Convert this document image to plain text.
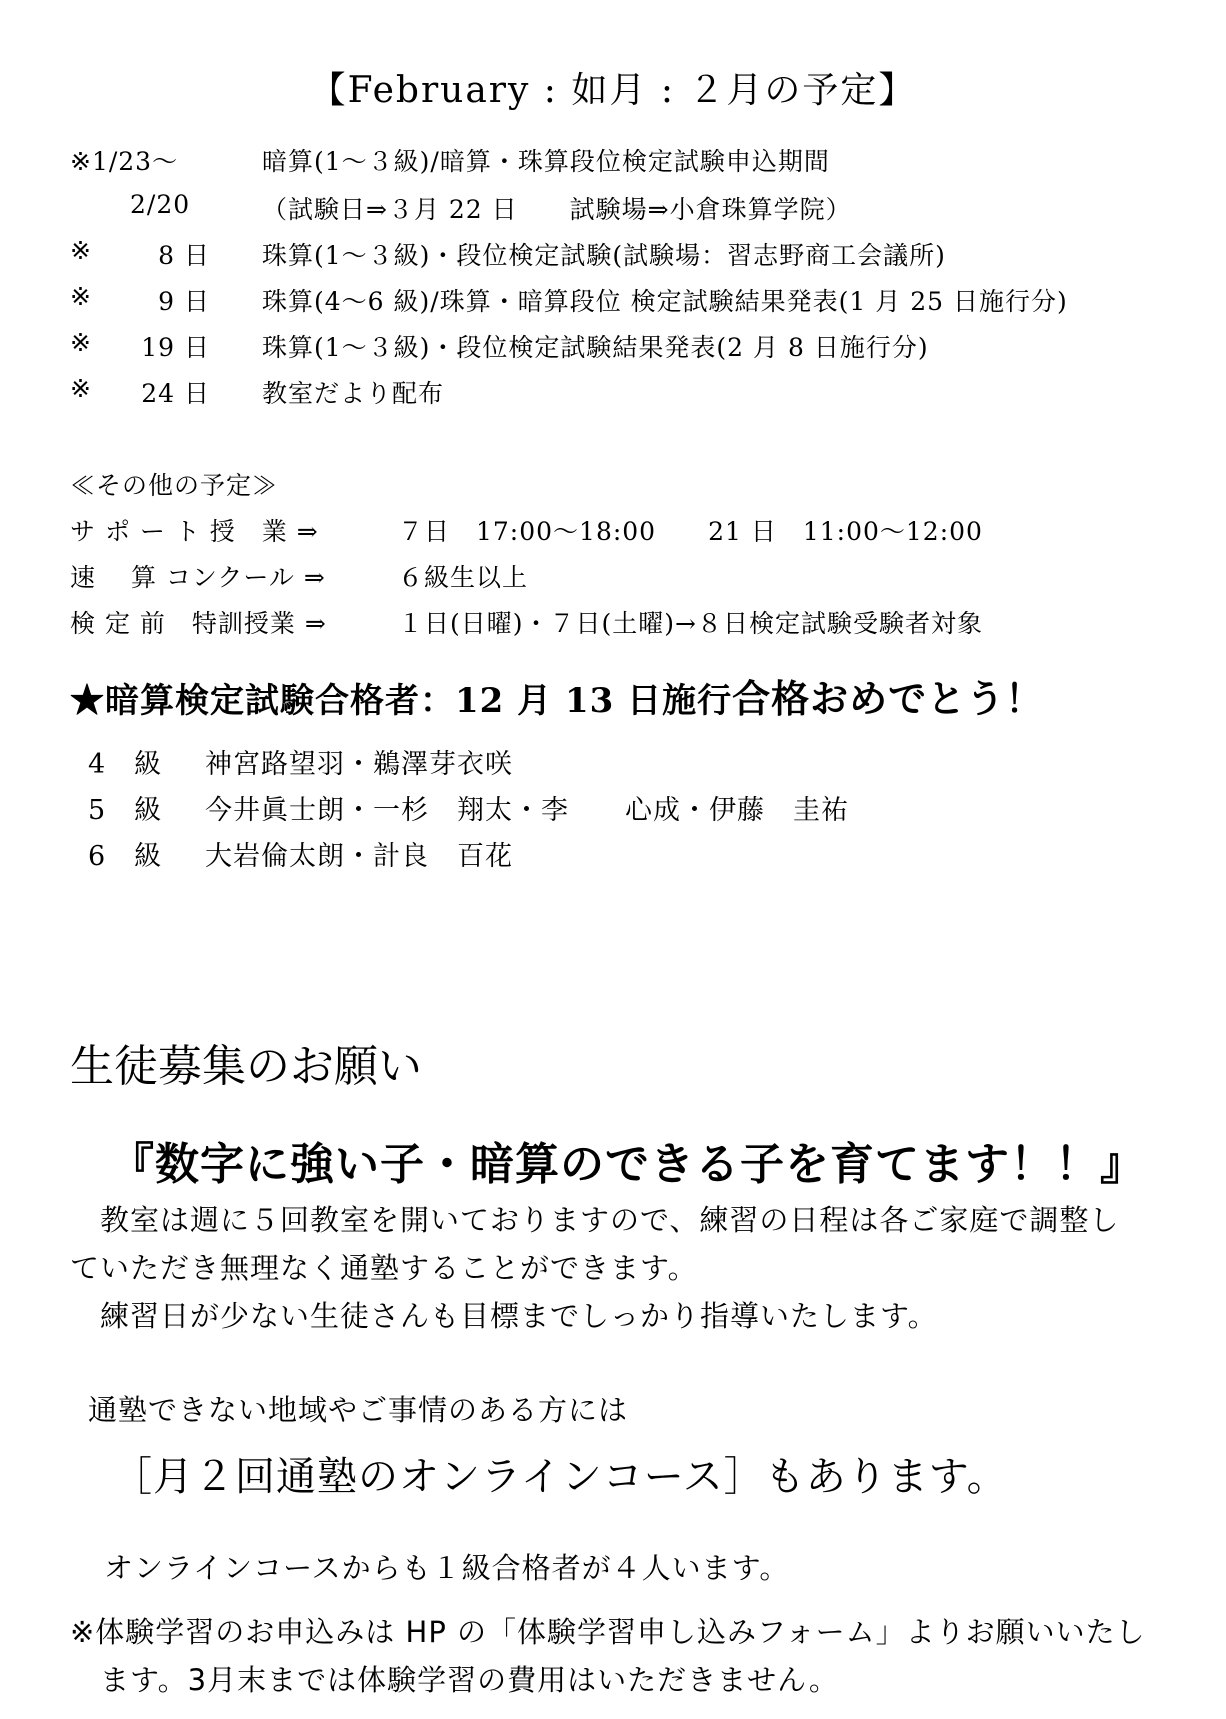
【February : 如月 : ２月の予定】
※1/23～	暗算(1～３級)/暗算・珠算段位検定試験申込期間
2/20	（試験日⇒３月 22 日　　試験場⇒小倉珠算学院）
※	8 日 珠算(1～３級)・段位検定試験(試験場：習志野商工会議所)
※	9 日 珠算(4～6 級)/珠算・暗算段位 検定試験結果発表(1 月 25 日施行分)
※	19 日 珠算(1～３級)・段位検定試験結果発表(2 月 8 日施行分)
※	24 日 教室だより配布
≪その他の予定≫
サ ポ ー ト 授　業 ⇒	７日　17:00～18:00　　21 日　11:00～12:00
速　 算 コンクール ⇒	６級生以上
検 定 前　特訓授業 ⇒	１日(日曜)・７日(土曜)→８日検定試験受験者対象
★暗算検定試験合格者：12 月 13 日施行合格おめでとう！
4　級 神宮路望羽・鵜澤芽衣咲
5　級 今井眞士朗・一杉　翔太・李　　心成・伊藤　圭祐
6　級 大岩倫太朗・計良　百花
生徒募集のお願い
『数字に強い子・暗算のできる子を育てます！！』
　教室は週に５回教室を開いておりますので、練習の日程は各ご家庭で調整し
ていただき無理なく通塾することができます。
　練習日が少ない生徒さんも目標までしっかり指導いたします。
通塾できない地域やご事情のある方には
［月２回通塾のオンラインコース］もあります。
オンラインコースからも１級合格者が４人います。
※体験学習のお申込みは HP の「体験学習申し込みフォーム」よりお願いいたし
　ます。3月末までは体験学習の費用はいただきません。
